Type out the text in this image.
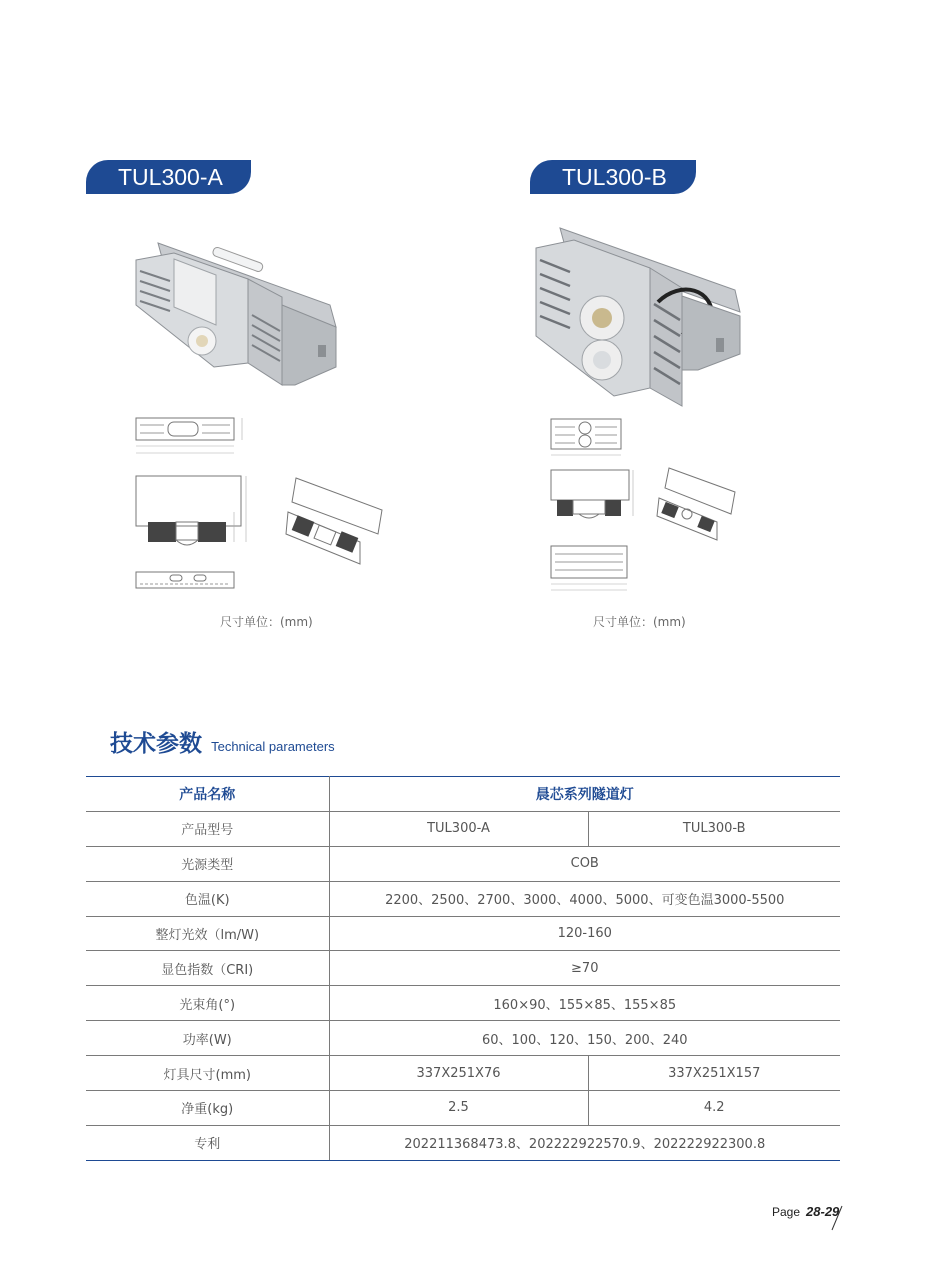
TUL300-A
尺寸单位：(mm)
TUL300-B
尺寸单位：(mm)
技术参数 Technical parameters
产品名称	晨芯系列隧道灯	
产品型号	TUL300-A	TUL300-B
光源类型	COB	
色温(K)	2200、2500、2700、3000、4000、5000、可变色温3000-5500	
整灯光效（lm/W)	120-160	
显色指数（CRI)	≥70	
光束角(°)	160×90、155×85、155×85	
功率(W)	60、100、120、150、200、240	
灯具尺寸(mm)	337X251X76	337X251X157
净重(kg)	2.5	4.2
专利	202211368473.8、202222922570.9、202222922300.8	
Page 28-29
